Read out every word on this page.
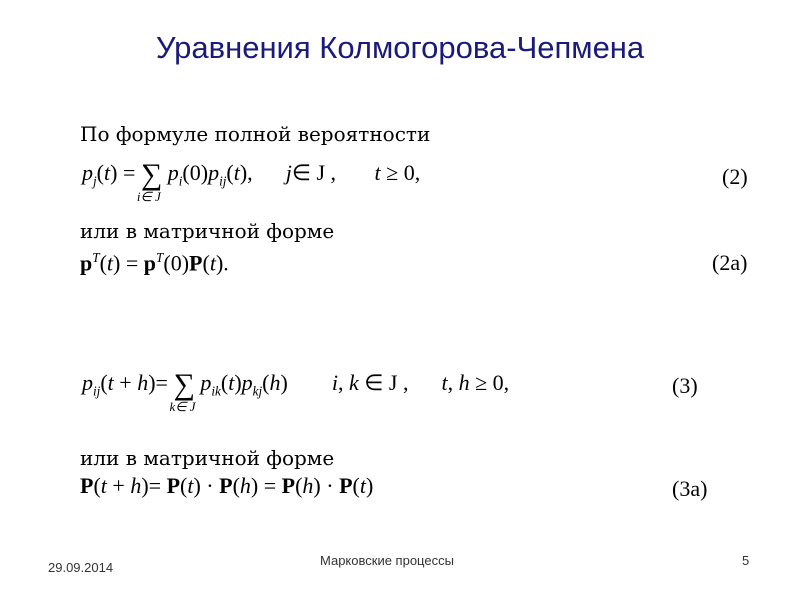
Уравнения Колмогорова-Чепмена
По формуле полной вероятности
$p_j(t)$ = ∑
i∈ J
$p_i(0)p_{ij}(t)$,      j∈ J ,       t ≥ 0,	(2)
или в матричной форме
$p^T(t) = p^T(0)P(t)$.	(2а)
$p_{ij}(t + h)=$ ∑
k∈ J
$p_{ik}(t)p_{kj}(h)$        i, k ∈ J ,      t, h ≥ 0,	(3)
или в матричной форме
P(t + h)= P(t) · P(h) = P(h) · P(t)	(3а)
29.09.2014	Марковские процессы	5
